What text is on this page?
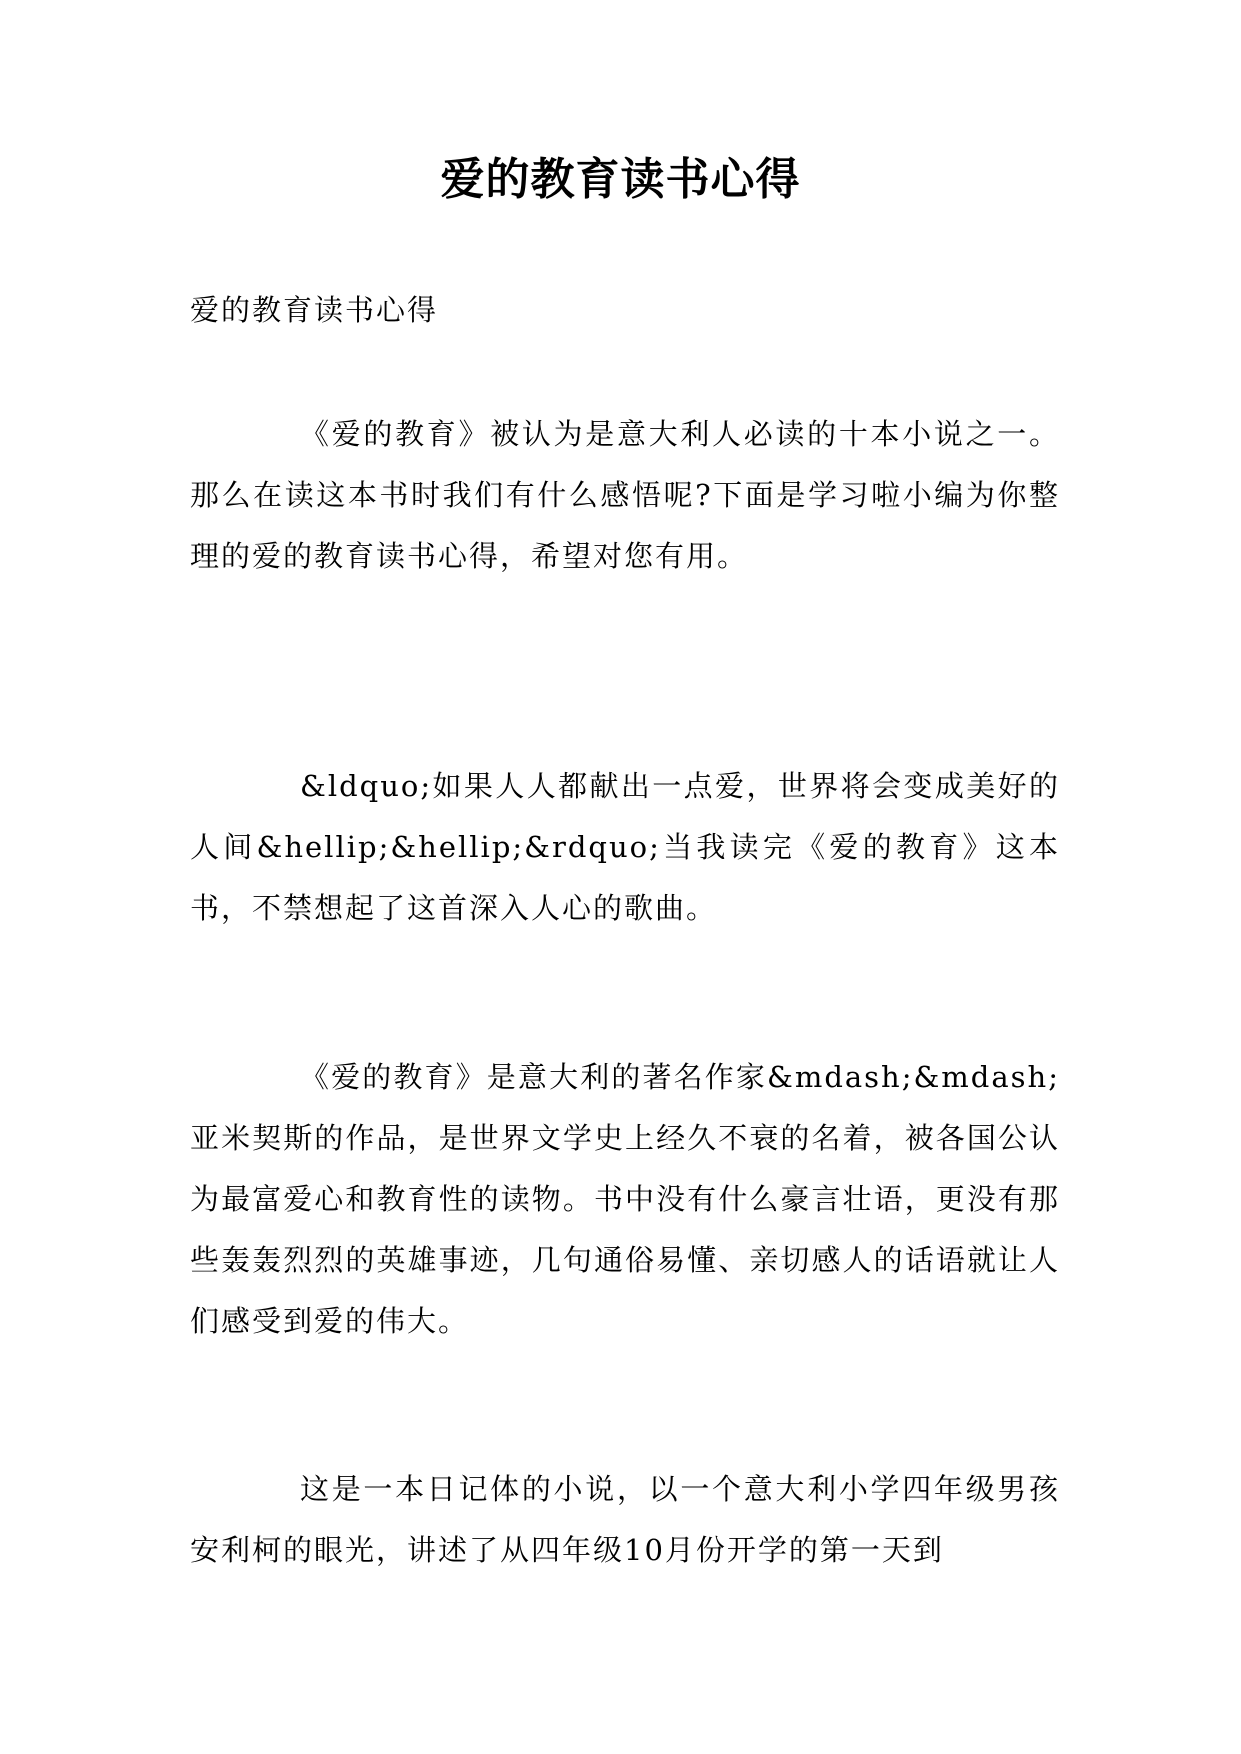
爱的教育读书心得
爱的教育读书心得
《爱的教育》被认为是意大利人必读的十本小说之一。那么在读这本书时我们有什么感悟呢?下面是学习啦小编为你整理的爱的教育读书心得，希望对您有用。
&ldquo;如果人人都献出一点爱，世界将会变成美好的人间&hellip;&hellip;&rdquo;当我读完《爱的教育》这本书，不禁想起了这首深入人心的歌曲。
《爱的教育》是意大利的著名作家&mdash;&mdash;亚米契斯的作品，是世界文学史上经久不衰的名着，被各国公认为最富爱心和教育性的读物。书中没有什么豪言壮语，更没有那些轰轰烈烈的英雄事迹，几句通俗易懂、亲切感人的话语就让人们感受到爱的伟大。
这是一本日记体的小说，以一个意大利小学四年级男孩安利柯的眼光，讲述了从四年级10月份开学的第一天到
